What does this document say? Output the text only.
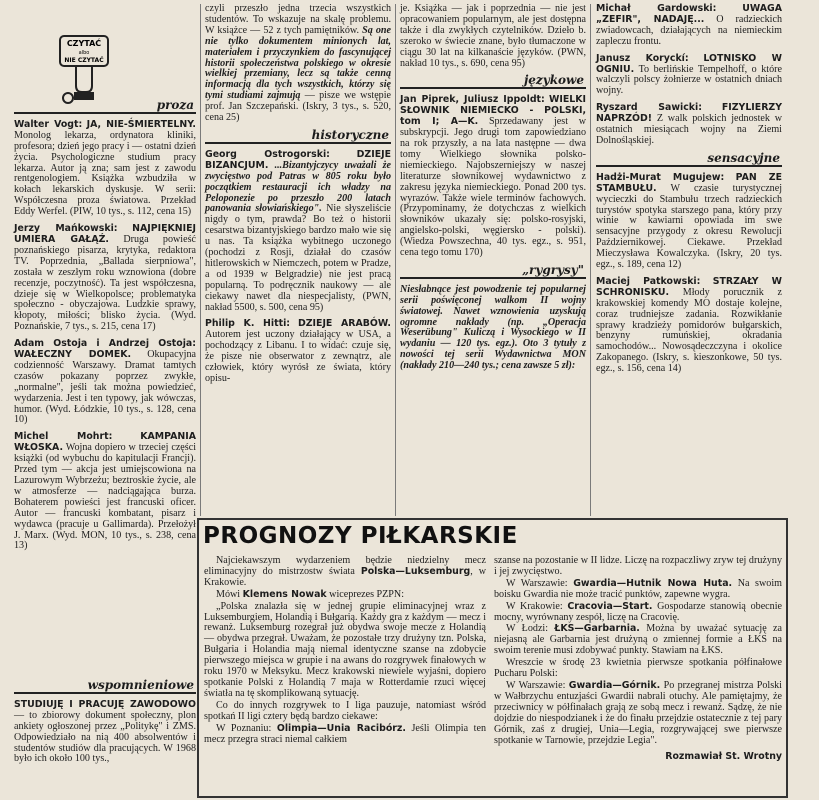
CZYTAĆ
albo
NIE CZYTAĆ
proza
Walter Vogt: JA, NIE-ŚMIERTELNY. Monolog lekarza, ordynatora kliniki, profesora; dzień jego pracy i — ostatni dzień życia. Psychologiczne studium pracy lekarza. Autor ją zna; sam jest z zawodu rentgenologiem. Książka wzbudziła w kołach lekarskich dyskusje. W serii: Współczesna proza światowa. Przekład Eddy Werfel. (PIW, 10 tys., s. 112, cena 15)
Jerzy Mańkowski: NAJPIĘKNIEJ UMIERA GAŁĄŹ. Druga powieść poznańskiego pisarza, krytyka, redaktora TV. Poprzednia, „Ballada sierpniowa", została w zeszłym roku wznowiona (dobre recenzje, poczytność). Ta jest współczesna, dzieje się w Wielkopolsce; problematyka społeczno - obyczajowa. Ludzkie sprawy, kłopoty, miłości; blisko życia. (Wyd. Poznańskie, 7 tys., s. 215, cena 17)
Adam Ostoja i Andrzej Ostoja: WAŁECZNY DOMEK. Okupacyjna codzienność Warszawy. Dramat tamtych czasów pokazany poprzez zwykłe, „normalne", jeśli tak można powiedzieć, wydarzenia. Jest i ten typowy, jak wówczas, humor. (Wyd. Łódzkie, 10 tys., s. 128, cena 10)
Michel Mohrt:	KAMPANIA WŁOSKA. Wojna dopiero w trzeciej części książki (od wybuchu do kapitulacji Francji). Przed tym — akcja jest umiejscowiona na Lazurowym Wybrzeżu; beztroskie życie, ale w atmosferze — nadciągająca burza. Bohaterem powieści jest francuski oficer. Autor — francuski kombatant, pisarz i wydawca (pracuje u Gallimarda). Przełożył J. Marx. (Wyd. MON, 10 tys., s. 238, cena 13)
wspomnieniowe
STUDIUJĘ I PRACUJĘ ZAWODOWO — to zbiorowy dokument społeczny, plon ankiety ogłoszonej przez „Politykę" i ZMS. Odpowiedziało na nią 400 absolwentów i studentów studiów dla pracujących. W 1968 było ich około 100 tys.,
czyli przeszło jedna trzecia wszystkich studentów. To wskazuje na skalę problemu. W książce — 52 z tych pamiętników. Są one nie tylko dokumentem minionych lat, materiałem i przyczynkiem do fascynującej historii społeczeństwa polskiego w okresie wielkiej przemiany, lecz są także cenną informacją dla tych wszystkich, którzy się tymi studiami zajmują — pisze we wstępie prof. Jan Szczepański. (Iskry, 3 tys., s. 520, cena 25)
historyczne
Georg Ostrogorski:	DZIEJE BIZANCJUM. ...Bizantyjczycy uważali że zwycięstwo pod Patras w 805 roku było początkiem restauracji ich władzy na Peloponezie po przeszło 200 latach panowania słowiańskiego". Nie słyszeliście nigdy o tym, prawda? Bo też o historii cesarstwa bizantyjskiego bardzo mało wie się u nas. Ta książka wybitnego uczonego (pochodzi z Rosji, działał do czasów hitlerowskich w Niemczech, potem w Pradze, a od 1939 w Belgradzie) nie jest pracą popularną. To podręcznik naukowy — ale ciekawy nawet dla niespecjalisty, (PWN, nakład 5500, s. 500, cena 95)
Philip K. Hitti: DZIEJE ARABÓW. Autorem jest uczony działający w USA, a pochodzący z Libanu. I to widać: czuje się, że pisze nie obserwator z zewnątrz, ale człowiek, który wyrósł ze świata, który opisu-
je. Książka — jak i poprzednia — nie jest opracowaniem popularnym, ale jest dostępna także i dla zwykłych czytelników. Dzieło b. szeroko w świecie znane, było tłumaczone w ciągu 30 lat na kilkanaście języków. (PWN, nakład 10 tys., s. 690, cena 95)
językowe
Jan Piprek, Juliusz Ippoldt: WIELKI SŁOWNIK NIEMIECKO - POLSKI, tom I; A—K. Sprzedawany jest w subskrypcji. Jego drugi tom zapowiedziano na rok przyszły, a na lata następne — dwa tomy Wielkiego słownika polsko-niemieckiego. Najobszerniejszy w naszej literaturze słownikowej wydawnictwo z zakresu języka niemieckiego. Ponad 200 tys. wyrazów. Także wiele terminów fachowych. (Przypominamy, że dotychczas z wielkich słowników ukazały się: polsko-rosyjski, angielsko-polski, węgiersko - polski). (Wiedza Powszechna, 40 tys. egz., s. 951, cena tego tomu 170)
„rygrysy"
Niesłabnące jest powodzenie tej popularnej serii poświęconej walkom II wojny światowej. Nawet wznowienia uzyskują ogromne nakłady (np. „Operacja Weserübung" Kuliczą i Wysockiego w II wydaniu — 120 tys. egz.). Oto 3 tytuły z nowości tej serii Wydawnictwa MON (nakłady 210—240 tys.; cena zawsze 5 zł):
Michał Gardowski:	UWAGA „ZEFIR", NADAJĘ... O radzieckich zwiadowcach, działających na niemieckim zapleczu frontu.
Janusz Koryckí: LOTNISKO W OGNIU. To berlińskie Tempelhoff, o które walczyli polscy żołnierze w ostatnich dniach wojny.
Ryszard Sawicki: FIZYLIERZY NAPRZÓD! Z walk polskich jednostek w ostatnich miesiącach wojny na Ziemi Dolnośląskiej.
sensacyjne
Hadżi-Murat Mugujew: PAN ZE STAMBUŁU. W czasie turystycznej wycieczki do Stambułu trzech radzieckich turystów spotyka starszego pana, który przy winie w kawiarni opowiada im swe sensacyjne przygody z okresu Rewolucji Październikowej. Ciekawe. Przekład Mieczysława Kowalczyka. (Iskry, 20 tys. egz., s. 189, cena 12)
Maciej Patkowski: STRZAŁY W SCHRONISKU. Młody porucznik z krakowskiej komendy MO dostaje kolejne, coraz trudniejsze zadania. Rozwikłanie sprawy kradzieży pomidorów bułgarskich, benzyny rumuńskiej, okradania samochodów... Nowosądeczczyna i okolice Zakopanego. (Iskry, s. kieszonkowe, 50 tys. egz., s. 156, cena 14)
PROGNOZY PIŁKARSKIE

Najciekawszym wydarzeniem będzie niedzielny mecz eliminacyjny do mistrzostw świata Polska—Luksemburg, w Krakowie.

Mówi Klemens Nowak wiceprezes PZPN:

„Polska znalazła się w jednej grupie eliminacyjnej wraz z Luksemburgiem, Holandią i Bułgarią. Każdy gra z każdym — mecz i rewanż. Luksemburg rozegrał już obydwa swoje mecze z Holandią — obydwa przegrał. Uważam, że pozostałe trzy drużyny tzn. Polska, Bułgaria i Holandia mają niemal identyczne szanse na zdobycie pierwszego miejsca w grupie i na awans do rozgrywek finałowych w roku 1970 w Meksyku. Mecz krakowski niewiele wyjaśni, dopiero spotkanie Polski z Holandią 7 maja w Rotterdamie rzuci więcej światła na tę skomplikowaną sytuację.

Co do innych rozgrywek to I liga pauzuje, natomiast wśród spotkań II ligi cztery będą bardzo ciekawe:

W Poznaniu: Olimpia—Unia Racibórz. Jeśli Olimpia ten mecz przegra straci niemal całkiem

szanse na pozostanie w II lidze. Liczę na rozpaczliwy zryw tej drużyny i jej zwycięstwo.

W Warszawie: Gwardia—Hutnik Nowa Huta. Na swoim boisku Gwardia nie może tracić punktów, zapewne wygra.

W Krakowie: Cracovia—Start. Gospodarze stanowią obecnie mocny, wyrównany zespół, liczę na Cracovię.

W Łodzi: ŁKS—Garbarnia. Można by uważać sytuację za niejasną ale Garbarnia jest drużyną o zmiennej formie a ŁKS na swoim terenie musi zdobywać punkty. Stawiam na ŁKS.

Wreszcie w środę 23 kwietnia pierwsze spotkania półfinałowe Pucharu Polski:

W Warszawie: Gwardia—Górnik. Po przegranej mistrza Polski w Wałbrzychu entuzjaści Gwardii nabrali otuchy. Ale pamiętajmy, że przeciwnicy w półfinałach grają ze sobą mecz i rewanż. Sądzę, że nie dojdzie do niespodzianek i że do finału przejdzie ostatecznie z tej pary Górnik, zaś z drugiej, Unia—Legia, rozgrywającej swe pierwsze spotkanie w Tarnowie, przejdzie Legia".

Rozmawiał St. Wrotny
